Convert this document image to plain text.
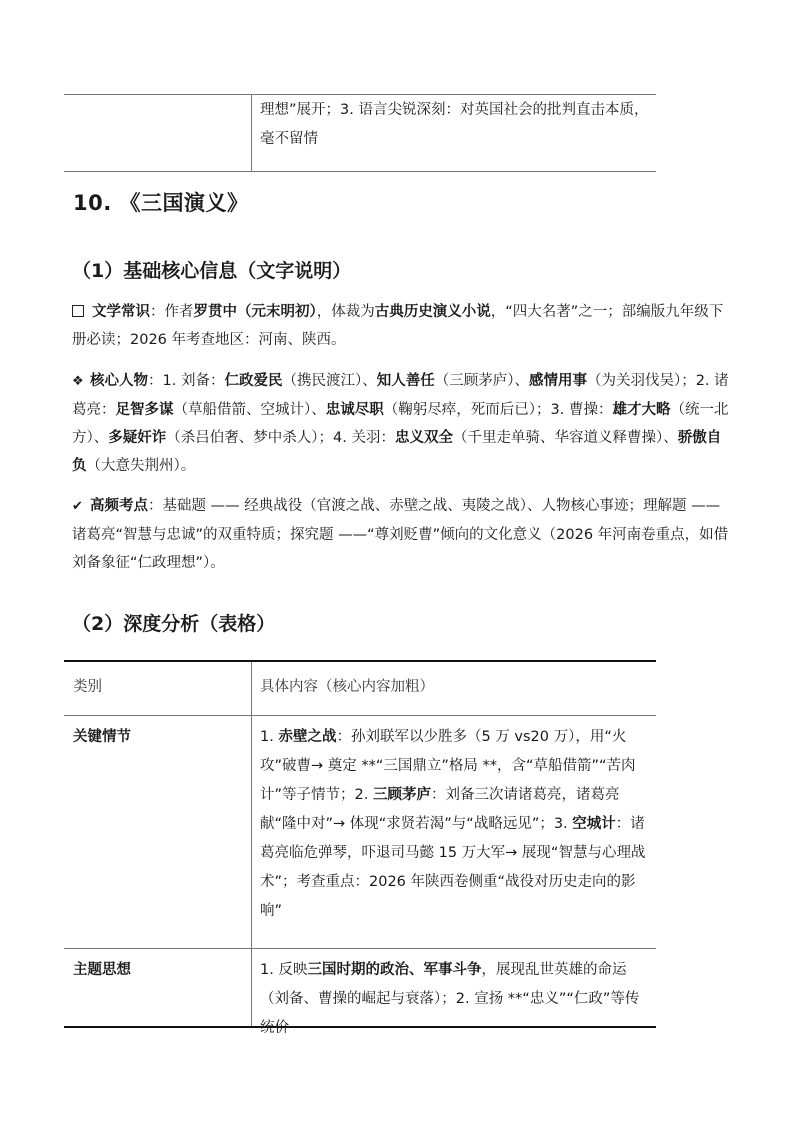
理想”展开；3. 语言尖锐深刻：对英国社会的批判直击本质，
毫不留情
10. 《三国演义》
（1）基础核心信息（文字说明）
文学常识：作者罗贯中（元末明初），体裁为古典历史演义小说，“四大名著”之一；部编版九年级下册必读；2026 年考查地区：河南、陕西。
❖ 核心人物：1. 刘备：仁政爱民（携民渡江）、知人善任（三顾茅庐）、感情用事（为关羽伐吴）；2. 诸葛亮：足智多谋（草船借箭、空城计）、忠诚尽职（鞠躬尽瘁，死而后已）；3. 曹操：雄才大略（统一北方）、多疑奸诈（杀吕伯奢、梦中杀人）；4. 关羽：忠义双全（千里走单骑、华容道义释曹操）、骄傲自负（大意失荆州）。
✔ 高频考点：基础题 —— 经典战役（官渡之战、赤壁之战、夷陵之战）、人物核心事迹；理解题 —— 诸葛亮“智慧与忠诚”的双重特质；探究题 ——“尊刘贬曹”倾向的文化意义（2026 年河南卷重点，如借刘备象征“仁政理想”）。
（2）深度分析（表格）
类别	具体内容（核心内容加粗）
关键情节	1. 赤壁之战：孙刘联军以少胜多（5 万 vs20 万），用“火攻”破曹→ 奠定 **“三国鼎立”格局 **，含“草船借箭”“苦肉计”等子情节；2. 三顾茅庐：刘备三次请诸葛亮，诸葛亮献“隆中对”→ 体现“求贤若渴”与“战略远见”；3. 空城计：诸葛亮临危弹琴，吓退司马懿 15 万大军→ 展现“智慧与心理战术”；考查重点：2026 年陕西卷侧重“战役对历史走向的影响”
主题思想	1. 反映三国时期的政治、军事斗争，展现乱世英雄的命运（刘备、曹操的崛起与衰落）；2. 宣扬 **“忠义”“仁政”等传统价
